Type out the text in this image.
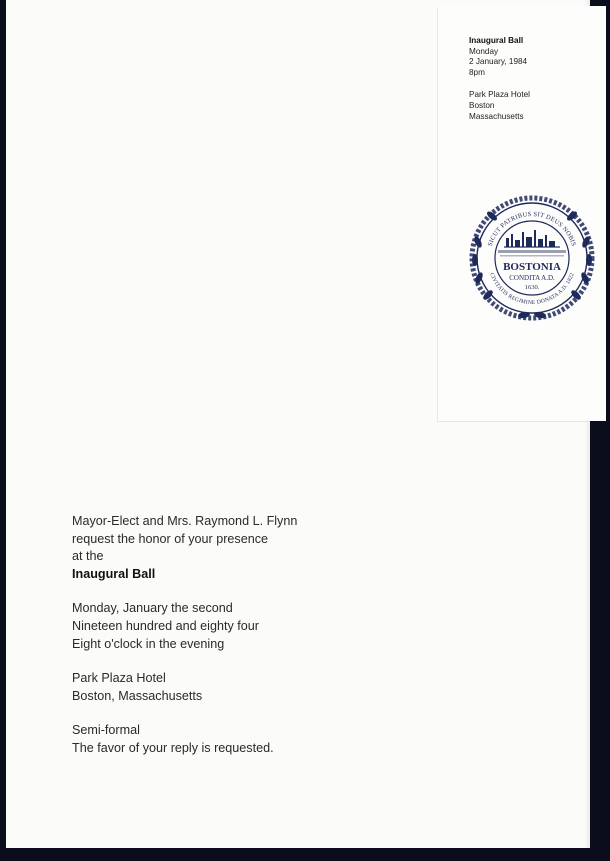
Mayor-Elect and Mrs. Raymond L. Flynn

request the honor of your presence

at the

Inaugural Ball

Monday, January the second

Nineteen hundred and eighty four

Eight o'clock in the evening

Park Plaza Hotel

Boston, Massachusetts

Semi-formal

The favor of your reply is requested.

Inaugural Ball

Monday

2 January, 1984

8pm

Park Plaza Hotel

Boston

Massachusetts

SICUT PATRIBUS SIT DEUS NOBIS
CIVITATIS REGIMINE DONATA A.D. 1822
BOSTONIA
CONDITA A.D.
1630.
